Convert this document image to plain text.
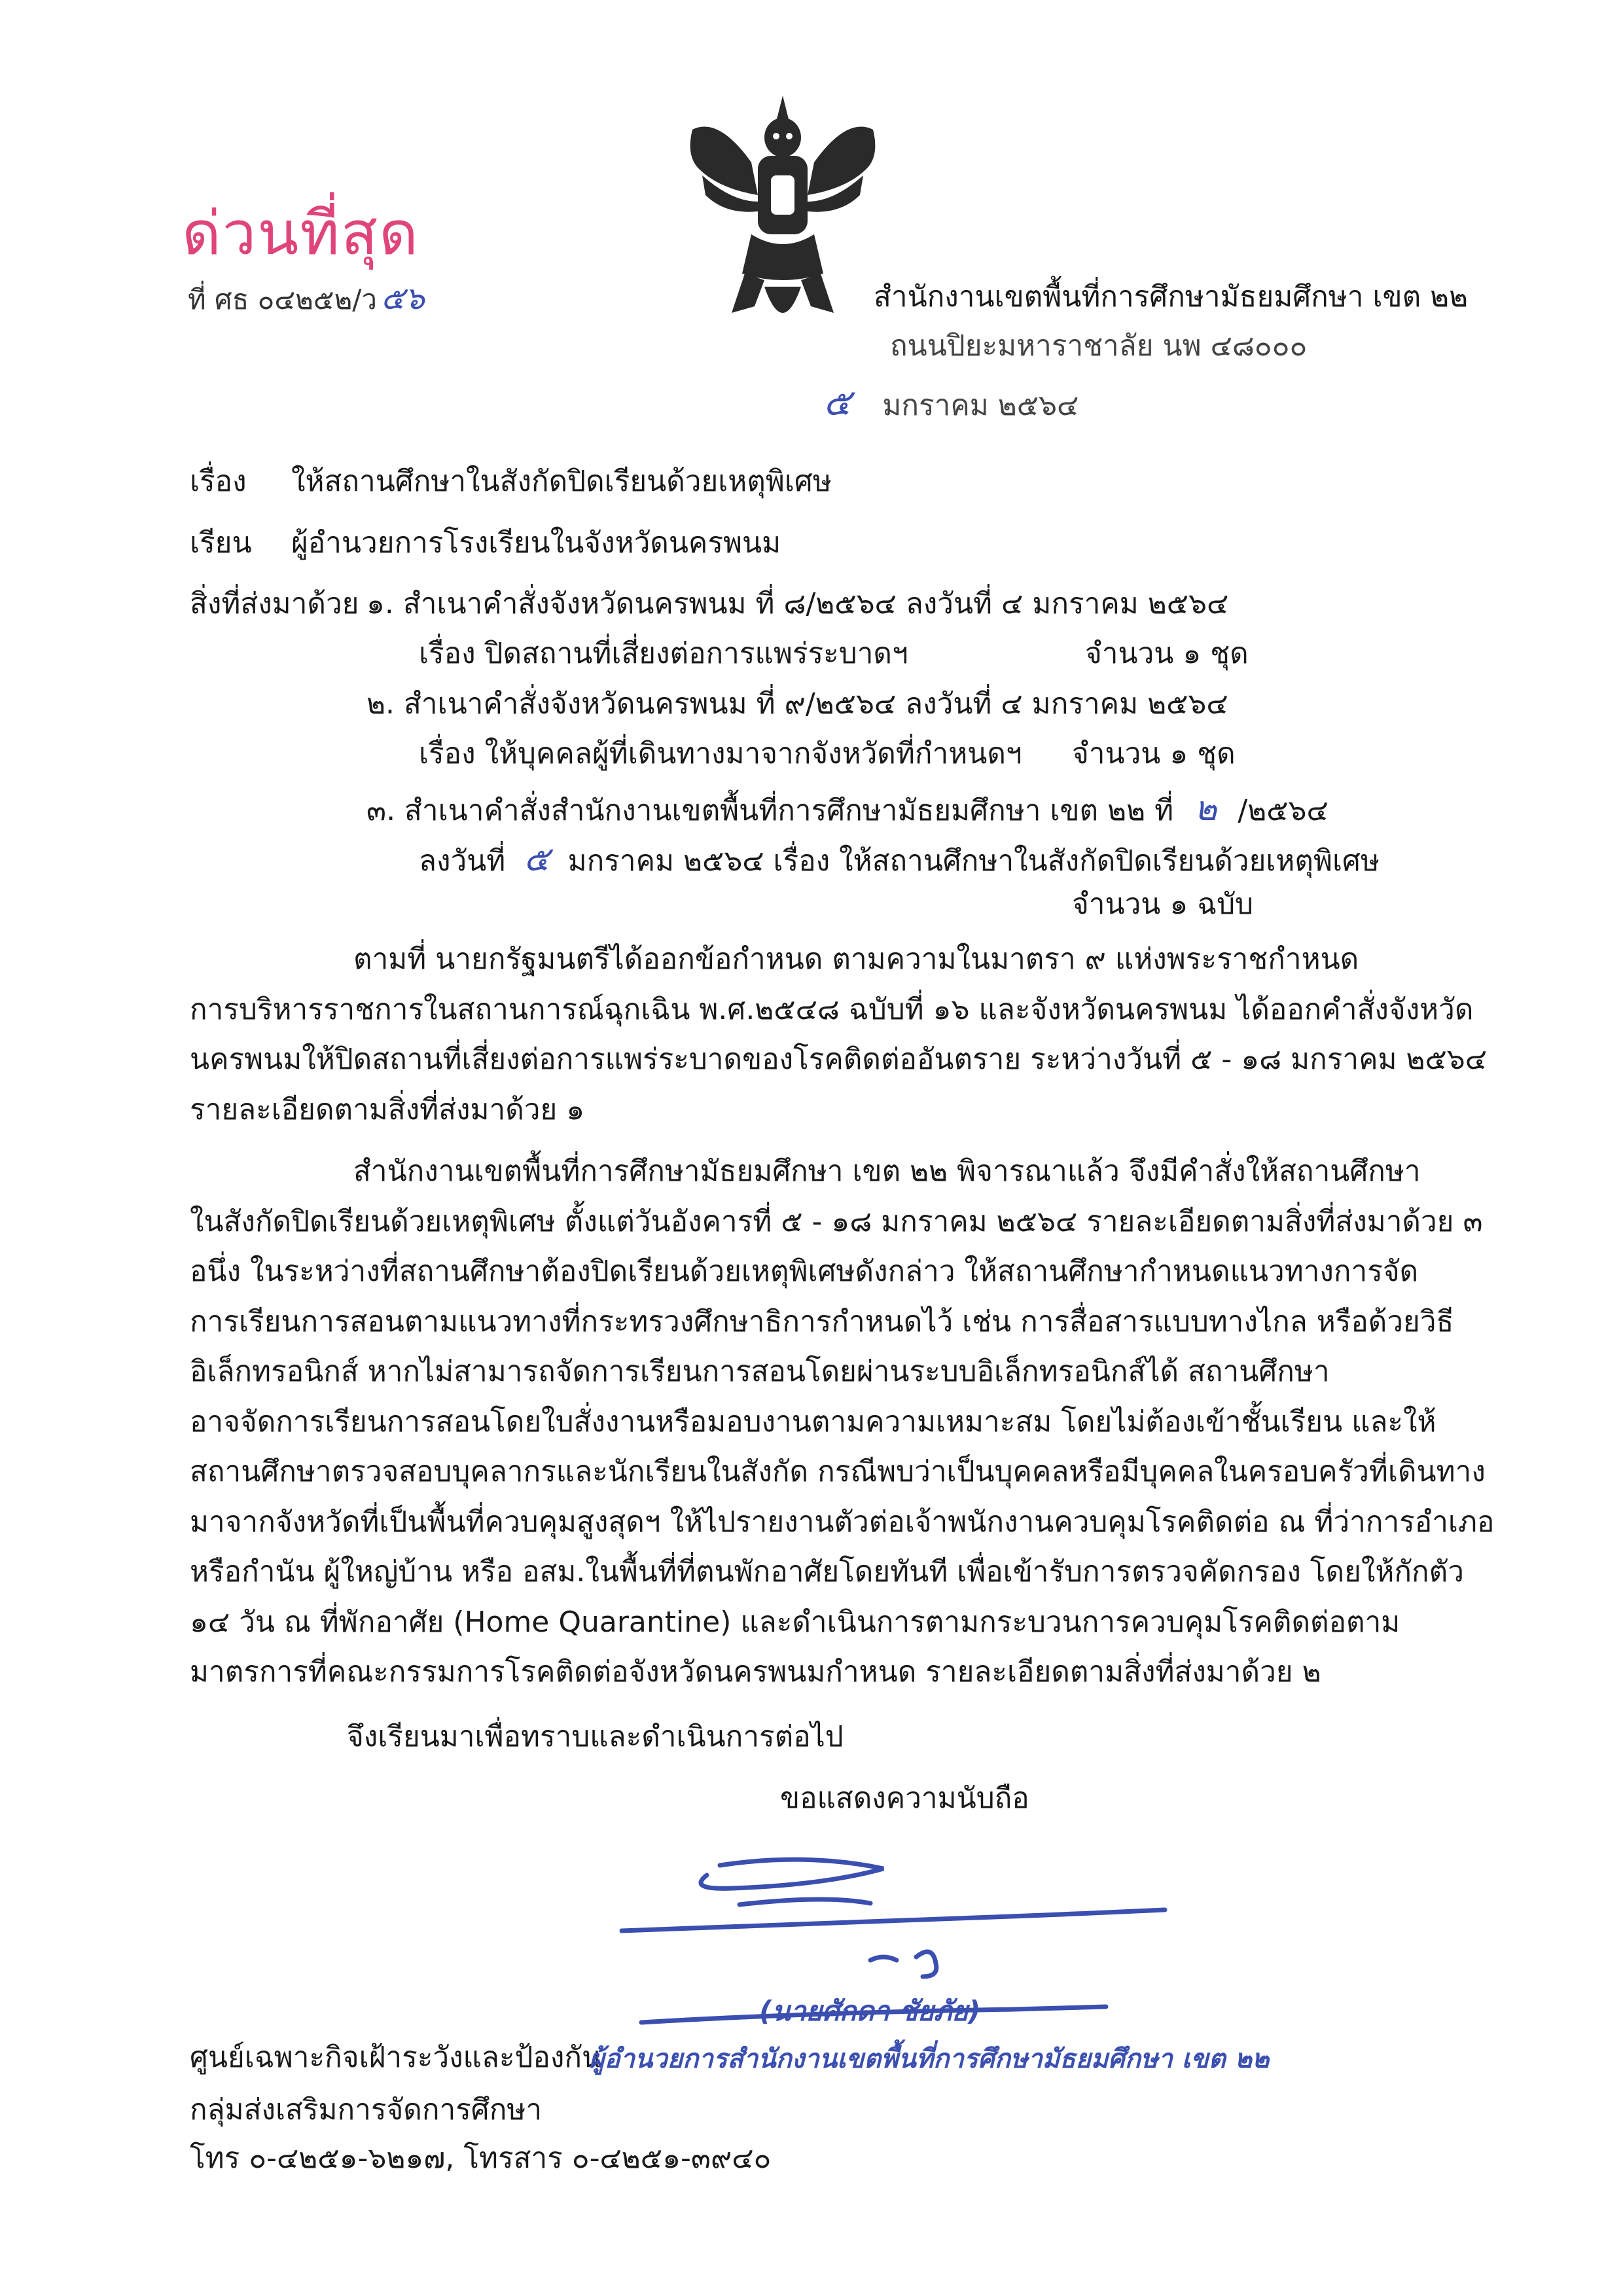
ด่วนที่สุด
ที่ ศธ ๐๔๒๕๒/ว ๕๖	สำนักงานเขตพื้นที่การศึกษามัธยมศึกษา เขต ๒๒
ถนนปิยะมหาราชาลัย นพ ๔๘๐๐๐
๕ มกราคม ๒๕๖๔
เรื่อง ให้สถานศึกษาในสังกัดปิดเรียนด้วยเหตุพิเศษ
เรียน ผู้อำนวยการโรงเรียนในจังหวัดนครพนม
สิ่งที่ส่งมาด้วย ๑. สำเนาคำสั่งจังหวัดนครพนม ที่ ๘/๒๕๖๔ ลงวันที่ ๔ มกราคม ๒๕๖๔
เรื่อง ปิดสถานที่เสี่ยงต่อการแพร่ระบาดฯ	จำนวน ๑ ชุด
๒. สำเนาคำสั่งจังหวัดนครพนม ที่ ๙/๒๕๖๔ ลงวันที่ ๔ มกราคม ๒๕๖๔
เรื่อง ให้บุคคลผู้ที่เดินทางมาจากจังหวัดที่กำหนดฯ จำนวน ๑ ชุด
๓. สำเนาคำสั่งสำนักงานเขตพื้นที่การศึกษามัธยมศึกษา เขต ๒๒ ที่ ๒ /๒๕๖๔
ลงวันที่ ๕ มกราคม ๒๕๖๔ เรื่อง ให้สถานศึกษาในสังกัดปิดเรียนด้วยเหตุพิเศษ
จำนวน ๑ ฉบับ
ตามที่ นายกรัฐมนตรีได้ออกข้อกำหนด ตามความในมาตรา ๙ แห่งพระราชกำหนด
การบริหารราชการในสถานการณ์ฉุกเฉิน พ.ศ.๒๕๔๘ ฉบับที่ ๑๖ และจังหวัดนครพนม ได้ออกคำสั่งจังหวัด
นครพนมให้ปิดสถานที่เสี่ยงต่อการแพร่ระบาดของโรคติดต่ออันตราย ระหว่างวันที่ ๕ - ๑๘ มกราคม ๒๕๖๔
รายละเอียดตามสิ่งที่ส่งมาด้วย ๑
สำนักงานเขตพื้นที่การศึกษามัธยมศึกษา เขต ๒๒ พิจารณาแล้ว จึงมีคำสั่งให้สถานศึกษา
ในสังกัดปิดเรียนด้วยเหตุพิเศษ ตั้งแต่วันอังคารที่ ๕ - ๑๘ มกราคม ๒๕๖๔ รายละเอียดตามสิ่งที่ส่งมาด้วย ๓
อนึ่ง ในระหว่างที่สถานศึกษาต้องปิดเรียนด้วยเหตุพิเศษดังกล่าว ให้สถานศึกษากำหนดแนวทางการจัด
การเรียนการสอนตามแนวทางที่กระทรวงศึกษาธิการกำหนดไว้ เช่น การสื่อสารแบบทางไกล หรือด้วยวิธี
อิเล็กทรอนิกส์ หากไม่สามารถจัดการเรียนการสอนโดยผ่านระบบอิเล็กทรอนิกส์ได้ สถานศึกษา
อาจจัดการเรียนการสอนโดยใบสั่งงานหรือมอบงานตามความเหมาะสม โดยไม่ต้องเข้าชั้นเรียน และให้
สถานศึกษาตรวจสอบบุคลากรและนักเรียนในสังกัด กรณีพบว่าเป็นบุคคลหรือมีบุคคลในครอบครัวที่เดินทาง
มาจากจังหวัดที่เป็นพื้นที่ควบคุมสูงสุดฯ ให้ไปรายงานตัวต่อเจ้าพนักงานควบคุมโรคติดต่อ ณ ที่ว่าการอำเภอ
หรือกำนัน ผู้ใหญ่บ้าน หรือ อสม.ในพื้นที่ที่ตนพักอาศัยโดยทันที เพื่อเข้ารับการตรวจคัดกรอง โดยให้กักตัว
๑๔ วัน ณ ที่พักอาศัย (Home Quarantine) และดำเนินการตามกระบวนการควบคุมโรคติดต่อตาม
มาตรการที่คณะกรรมการโรคติดต่อจังหวัดนครพนมกำหนด รายละเอียดตามสิ่งที่ส่งมาด้วย ๒
จึงเรียนมาเพื่อทราบและดำเนินการต่อไป
ขอแสดงความนับถือ
(นายศักดา ชัยภัย)
ศูนย์เฉพาะกิจเฝ้าระวังและป้องกัน
ผู้อำนวยการสำนักงานเขตพื้นที่การศึกษามัธยมศึกษา เขต ๒๒
กลุ่มส่งเสริมการจัดการศึกษา
โทร ๐-๔๒๕๑-๖๒๑๗, โทรสาร ๐-๔๒๕๑-๓๙๔๐
